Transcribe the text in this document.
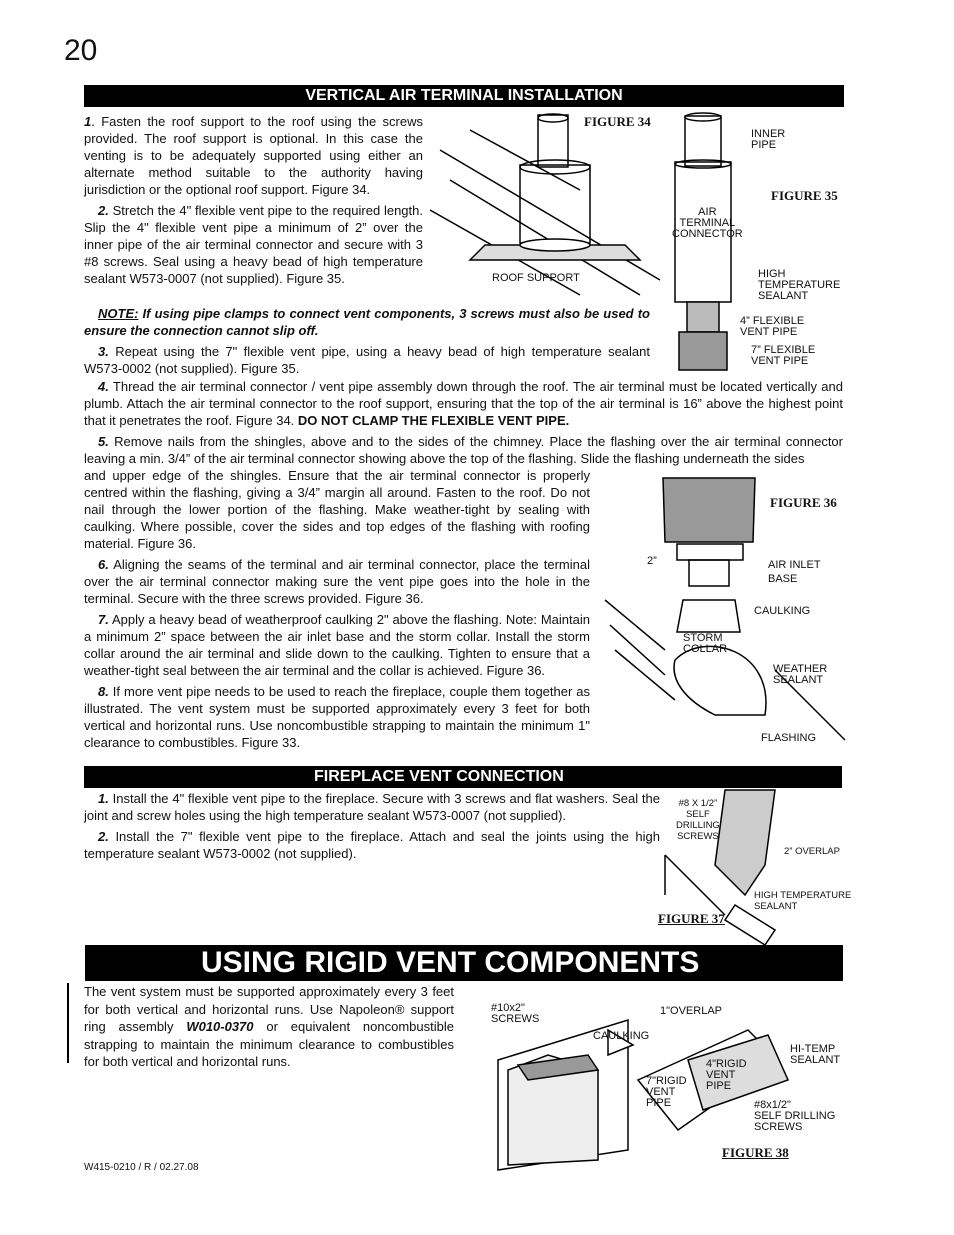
20
VERTICAL AIR TERMINAL INSTALLATION

1. Fasten the roof support to the roof using the screws provided. The roof support is optional. In this case the venting is to be adequately supported using either an alternate method suitable to the authority having jurisdiction or the optional roof support. Figure 34.

2. Stretch the 4" flexible vent pipe to the required length. Slip the 4" flexible vent pipe a minimum of 2” over the inner pipe of the air terminal connector and secure with 3 #8 screws. Seal using a heavy bead of high temperature sealant W573-0007 (not supplied). Figure 35.

NOTE: If using pipe clamps to connect vent components, 3 screws must also be used to ensure the connection cannot slip off.

3. Repeat using the 7" flexible vent pipe, using a heavy bead of high temperature sealant W573-0002 (not supplied). Figure 35.

4. Thread the air terminal connector / vent pipe assembly down through the roof. The air terminal must be located vertically and plumb. Attach the air terminal connector to the roof support, ensuring that the top of the air terminal is 16” above the highest point that it penetrates the roof. Figure 34. DO NOT CLAMP THE FLEXIBLE VENT PIPE.

5. Remove nails from the shingles, above and to the sides of the chimney. Place the flashing over the air terminal connector leaving a min. 3/4” of the air terminal connector showing above the top of the flashing. Slide the flashing underneath the sides

and upper edge of the shingles. Ensure that the air terminal connector is properly centred within the flashing, giving a 3/4” margin all around. Fasten to the roof. Do not nail through the lower portion of the flashing. Make weather-tight by sealing with caulking. Where possible, cover the sides and top edges of the flashing with roofing material. Figure 36.

6. Aligning the seams of the terminal and air terminal connector, place the terminal over the air terminal connector making sure the vent pipe goes into the hole in the terminal. Secure with the three screws provided. Figure 36.

7. Apply a heavy bead of weatherproof caulking 2" above the flashing. Note: Maintain a minimum 2” space between the air inlet base and the storm collar. Install the storm collar around the air terminal and slide down to the caulking. Tighten to ensure that a weather-tight seal between the air terminal and the collar is achieved. Figure 36.

8. If more vent pipe needs to be used to reach the fireplace, couple them together as illustrated. The vent system must be supported approximately every 3 feet for both vertical and horizontal runs. Use noncombustible strapping to maintain the minimum 1" clearance to combustibles. Figure 33.

FIGURE 34
ROOF SUPPORT
FIGURE 35
INNER
PIPE
AIR
TERMINAL
CONNECTOR
HIGH
TEMPERATURE
SEALANT
4” FLEXIBLE
VENT PIPE
7” FLEXIBLE
VENT PIPE
FIGURE 36
2”	AIR INLET
BASE
CAULKING
STORM
COLLAR
WEATHER
SEALANT
FLASHING
FIREPLACE VENT CONNECTION

1. Install the 4" flexible vent pipe to the fireplace. Secure with 3 screws and flat washers. Seal the joint and screw holes using the high temperature sealant W573-0007 (not supplied).

2. Install the 7" flexible vent pipe to the fireplace. Attach and seal the joints using the high temperature sealant W573-0002 (not supplied).

FIGURE 37
#8 X 1/2”
SELF
DRILLING
SCREWS
2” OVERLAP
HIGH TEMPERATURE
SEALANT
USING RIGID VENT COMPONENTS

The vent system must be supported approximately every 3 feet for both vertical and horizontal runs. Use Napoleon® support ring assembly W010-0370 or equivalent noncombustible strapping to maintain the minimum clearance to combustibles for both vertical and horizontal runs.

FIGURE 38
#10x2"
SCREWS
CAULKING
1"OVERLAP
HI-TEMP
SEALANT
4"RIGID
VENT
PIPE
7"RIGID
VENT
PIPE	#8x1/2"
SELF DRILLING
SCREWS
W415-0210 / R / 02.27.08
